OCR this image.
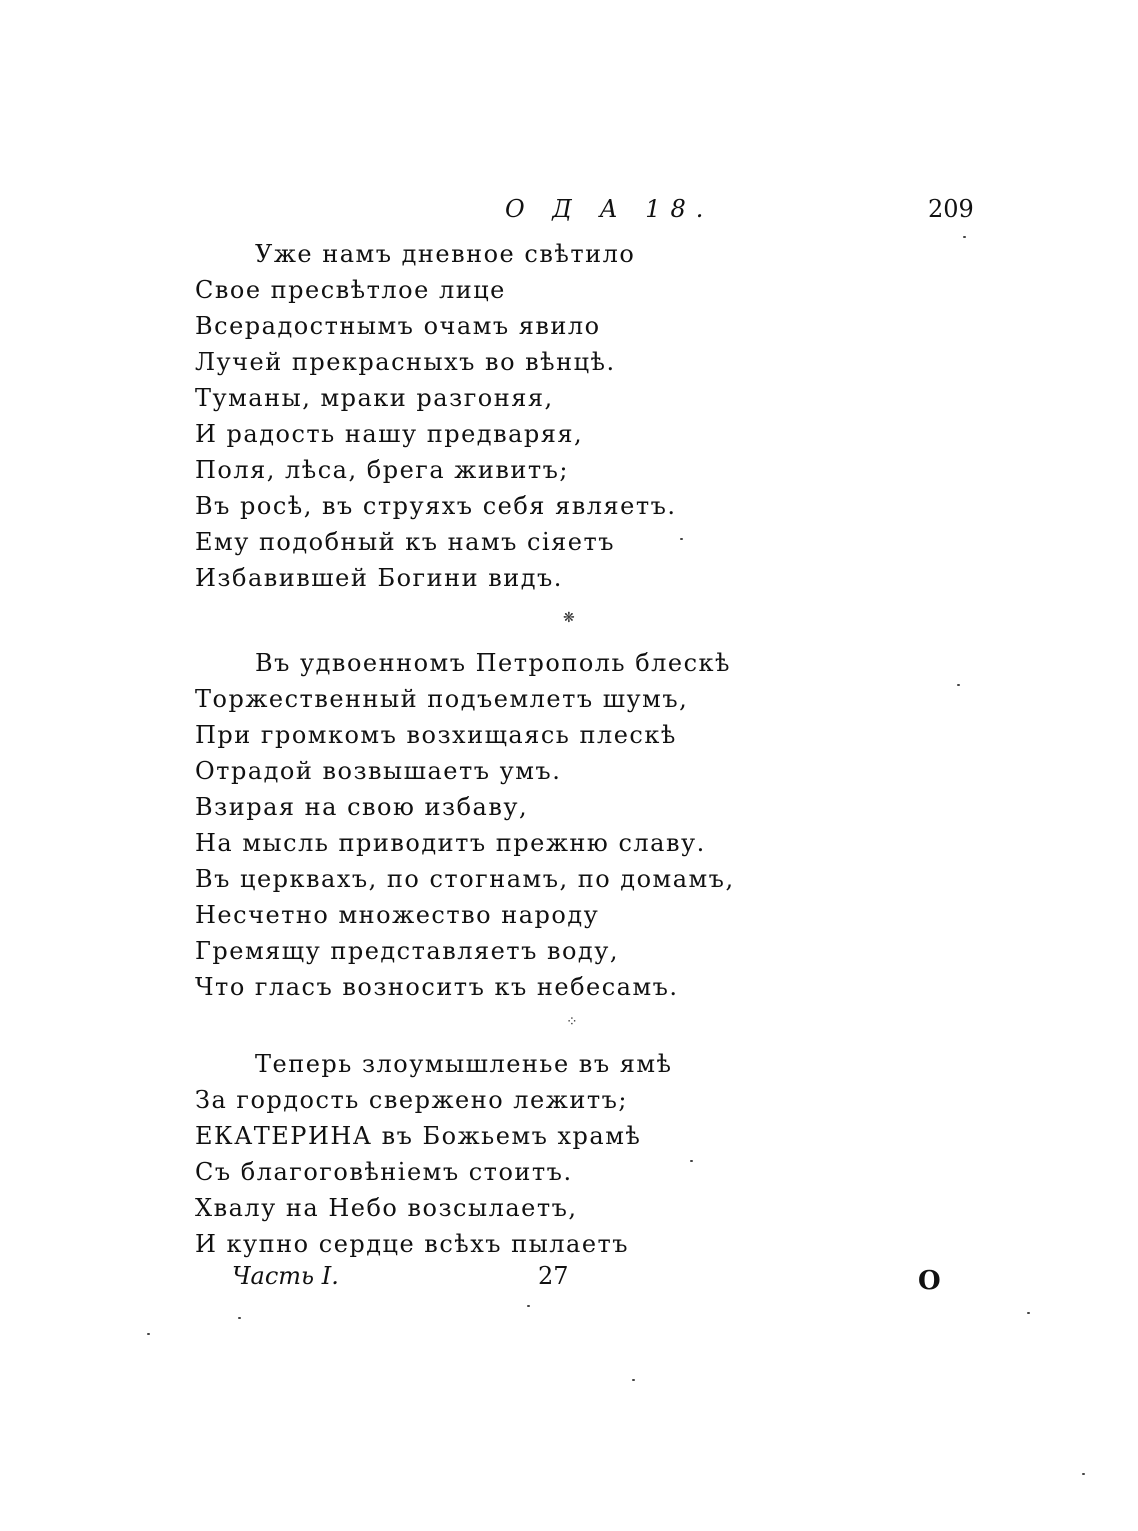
О Д А 18.	209
Уже намъ дневное свѣтило
Свое пресвѣтлое лице
Всерадостнымъ очамъ явило
Лучей прекрасныхъ во вѣнцѣ.
Туманы, мраки разгоняя,
И радость нашу предваряя,
Поля, лѣса, брега живитъ;
Въ росѣ, въ струяхъ себя являетъ.
Ему подобный къ намъ сіяетъ
Избавившей Богини видъ.
❋
Въ удвоенномъ Петрополь блескѣ
Торжественный подъемлетъ шумъ,
При громкомъ возхищаясь плескѣ
Отрадой возвышаетъ умъ.
Взирая на свою избаву,
На мысль приводитъ прежню славу.
Въ церквахъ, по стогнамъ, по домамъ,
Несчетно множество народу
Гремящу представляетъ воду,
Что гласъ возноситъ къ небесамъ.
⁘
Теперь злоумышленье въ ямѣ
За гордость свержено лежитъ;
ЕКАТЕРИНА въ Божьемъ храмѣ
Съ благоговѣніемъ стоитъ.
Хвалу на Небо возсылаетъ,
И купно сердце всѣхъ пылаетъ
Часть I.	27	О
